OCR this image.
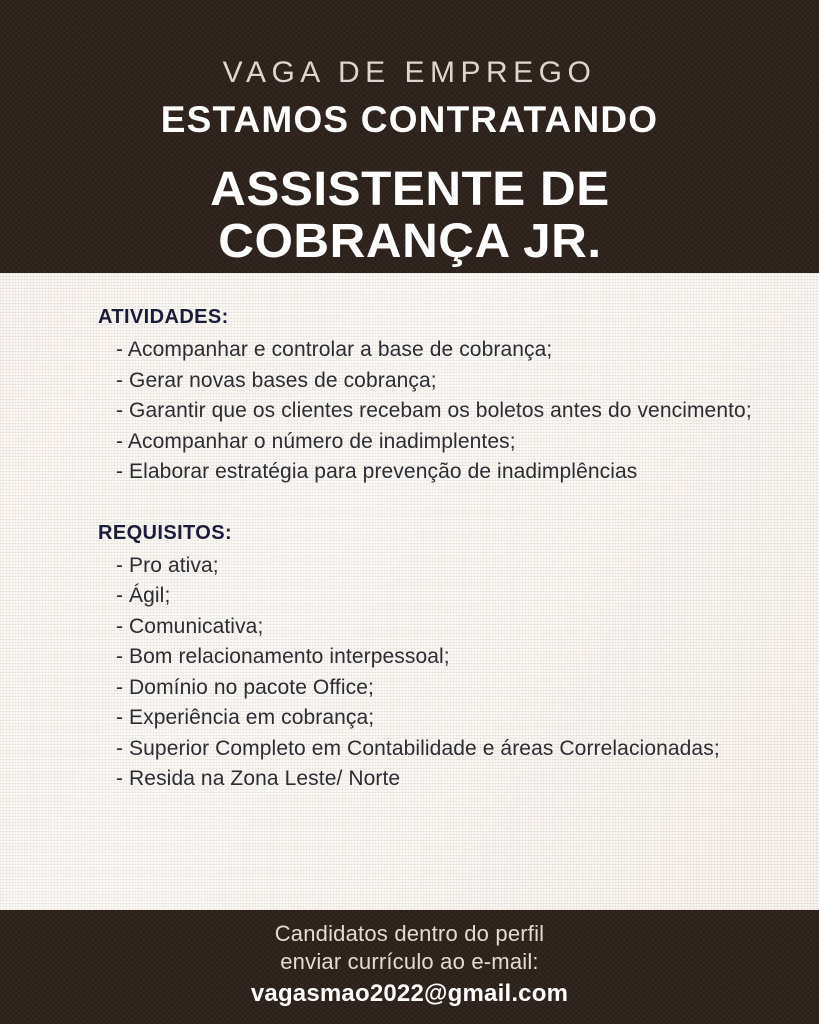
VAGA DE EMPREGO
ESTAMOS CONTRATANDO
ASSISTENTE DE
COBRANÇA JR.
ATIVIDADES:
- Acompanhar e controlar a base de cobrança;
- Gerar novas bases de cobrança;
- Garantir que os clientes recebam os boletos antes do vencimento;
- Acompanhar o número de inadimplentes;
- Elaborar estratégia para prevenção de inadimplências
REQUISITOS:
- Pro ativa;
- Ágil;
- Comunicativa;
- Bom relacionamento interpessoal;
- Domínio no pacote Office;
- Experiência em cobrança;
- Superior Completo em Contabilidade e áreas Correlacionadas;
- Resida na Zona Leste/ Norte
Candidatos dentro do perfil
enviar currículo ao e-mail:
vagasmao2022@gmail.com
